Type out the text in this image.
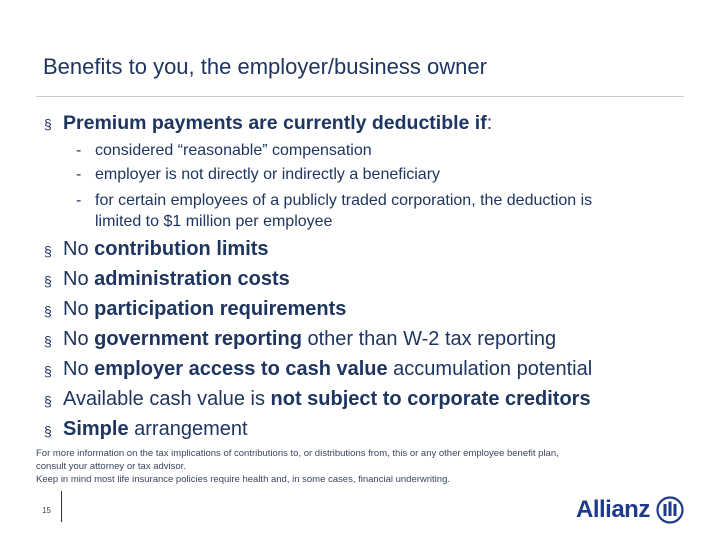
Benefits to you, the employer/business owner
§
Premium payments are currently deductible if:
- considered “reasonable” compensation
- employer is not directly or indirectly a beneficiary
- for certain employees of a publicly traded corporation, the deduction is
limited to $1 million per employee
§
No contribution limits
§
No administration costs
§
No participation requirements
§
No government reporting other than W-2 tax reporting
§
No employer access to cash value accumulation potential
§
Available cash value is not subject to corporate creditors
§
Simple arrangement
For more information on the tax implications of contributions to, or distributions from, this or any other employee benefit plan,
consult your attorney or tax advisor.
Keep in mind most life insurance policies require health and, in some cases, financial underwriting.
15	Allianz
